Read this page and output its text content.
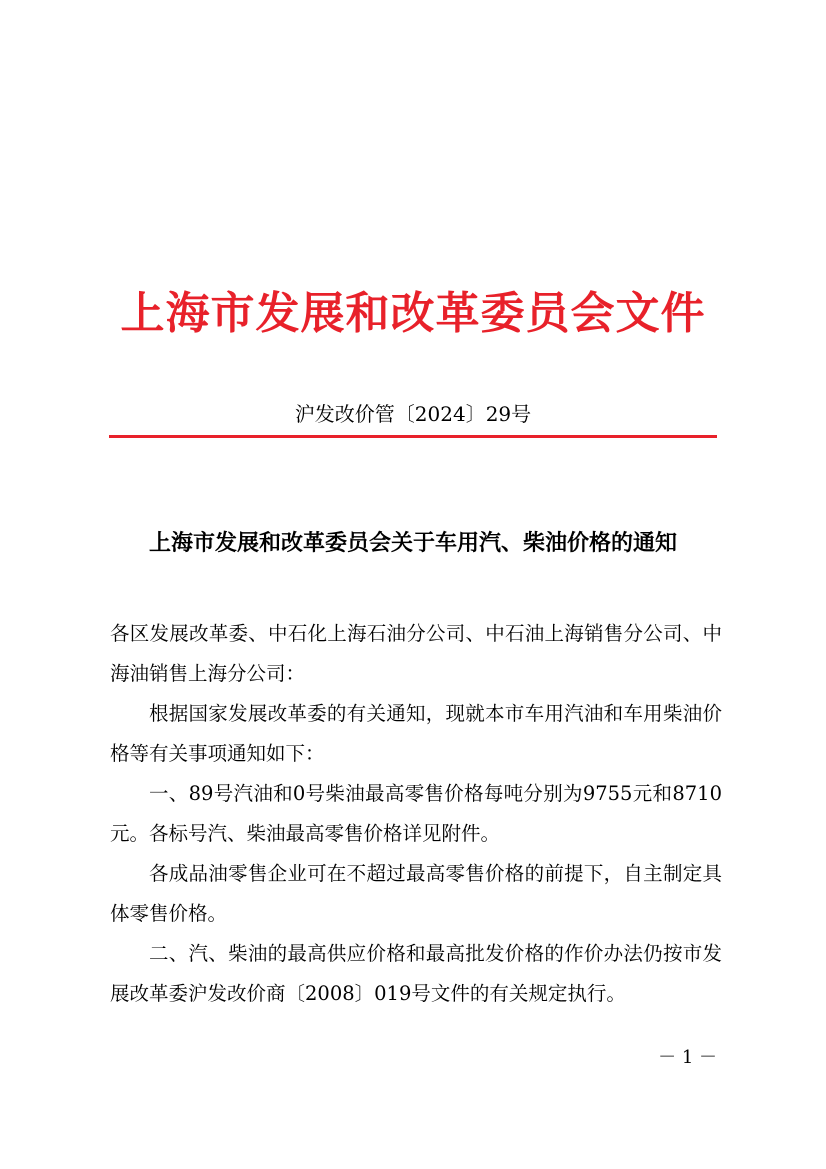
上海市发展和改革委员会文件
沪发改价管〔2024〕29号
上海市发展和改革委员会关于车用汽、柴油价格的通知

各区发展改革委、中石化上海石油分公司、中石油上海销售分公司、中海油销售上海分公司：

根据国家发展改革委的有关通知，现就本市车用汽油和车用柴油价格等有关事项通知如下：

一、89号汽油和0号柴油最高零售价格每吨分别为9755元和8710元。各标号汽、柴油最高零售价格详见附件。

各成品油零售企业可在不超过最高零售价格的前提下，自主制定具体零售价格。

二、汽、柴油的最高供应价格和最高批发价格的作价办法仍按市发展改革委沪发改价商〔2008〕019号文件的有关规定执行。

－ 1 －
